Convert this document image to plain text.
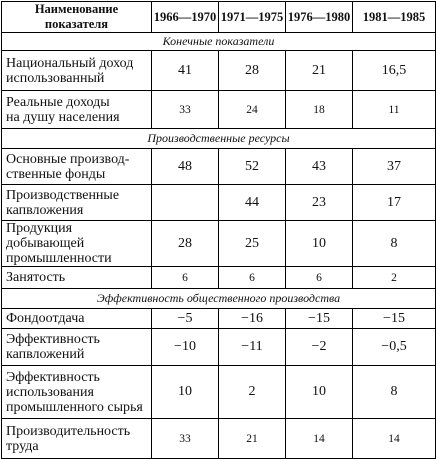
Наименование показателя	1966—1970	1971—1975	1976—1980	1981—1985
Конечные показатели				
Национальный доход
использованный	41	28	21	16,5
Реальные доходы
на душу населения	33	24	18	11
Производственные ресурсы				
Основные производ-
ственные фонды	48	52	43	37
Производственные
капвложения		44	23	17
Продукция добывающей
промышленности	28	25	10	8
Занятость	6	6	6	2
Эффективность общественного производства				
Фондоотдача	−5	−16	−15	−15
Эффективность
капвложений	−10	−11	−2	−0,5
Эффективность
использования
промышленного сырья	10	2	10	8
Производительность
труда	33	21	14	14
